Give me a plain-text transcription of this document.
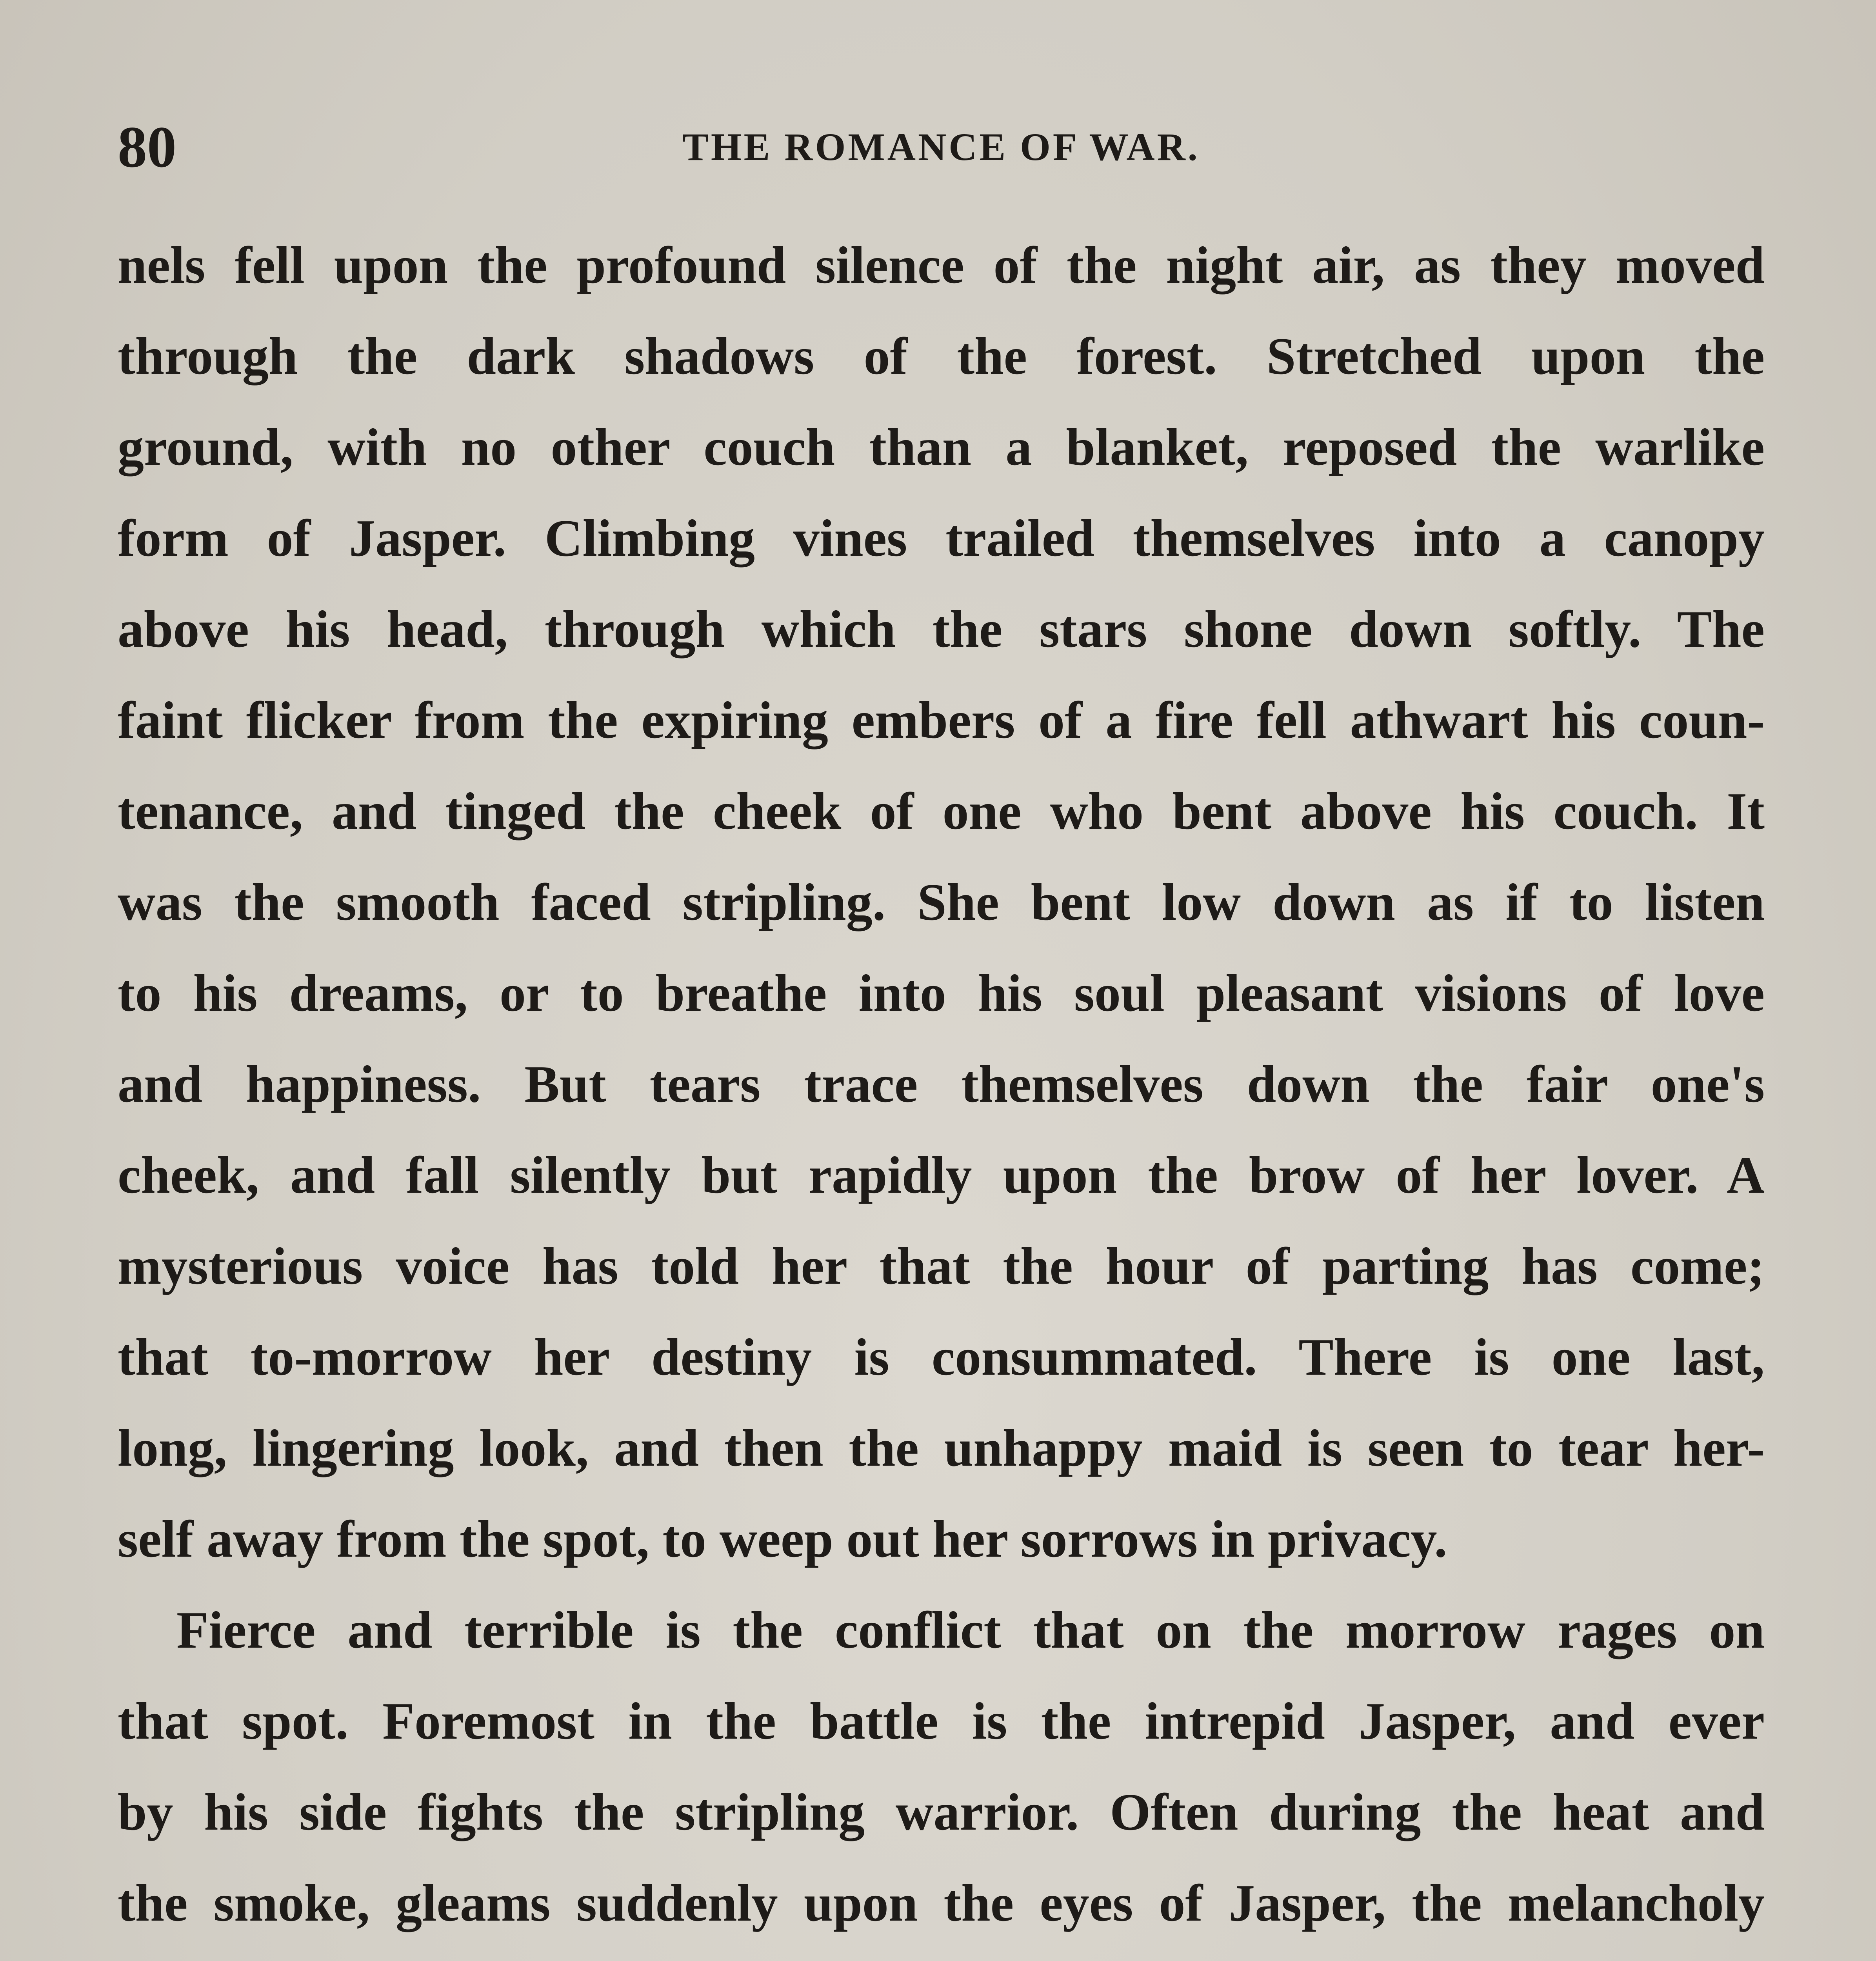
80	THE ROMANCE OF WAR.
nels fell upon the profound silence of the night air, as they moved
through the dark shadows of the forest. Stretched upon the
ground, with no other couch than a blanket, reposed the warlike
form of Jasper. Climbing vines trailed themselves into a canopy
above his head, through which the stars shone down softly. The
faint flicker from the expiring embers of a fire fell athwart his coun-
tenance, and tinged the cheek of one who bent above his couch. It
was the smooth faced stripling. She bent low down as if to listen
to his dreams, or to breathe into his soul pleasant visions of love
and happiness. But tears trace themselves down the fair one's
cheek, and fall silently but rapidly upon the brow of her lover. A
mysterious voice has told her that the hour of parting has come;
that to-morrow her destiny is consummated. There is one last,
long, lingering look, and then the unhappy maid is seen to tear her-
self away from the spot, to weep out her sorrows in privacy.
Fierce and terrible is the conflict that on the morrow rages on
that spot. Foremost in the battle is the intrepid Jasper, and ever
by his side fights the stripling warrior. Often during the heat and
the smoke, gleams suddenly upon the eyes of Jasper, the melancholy
